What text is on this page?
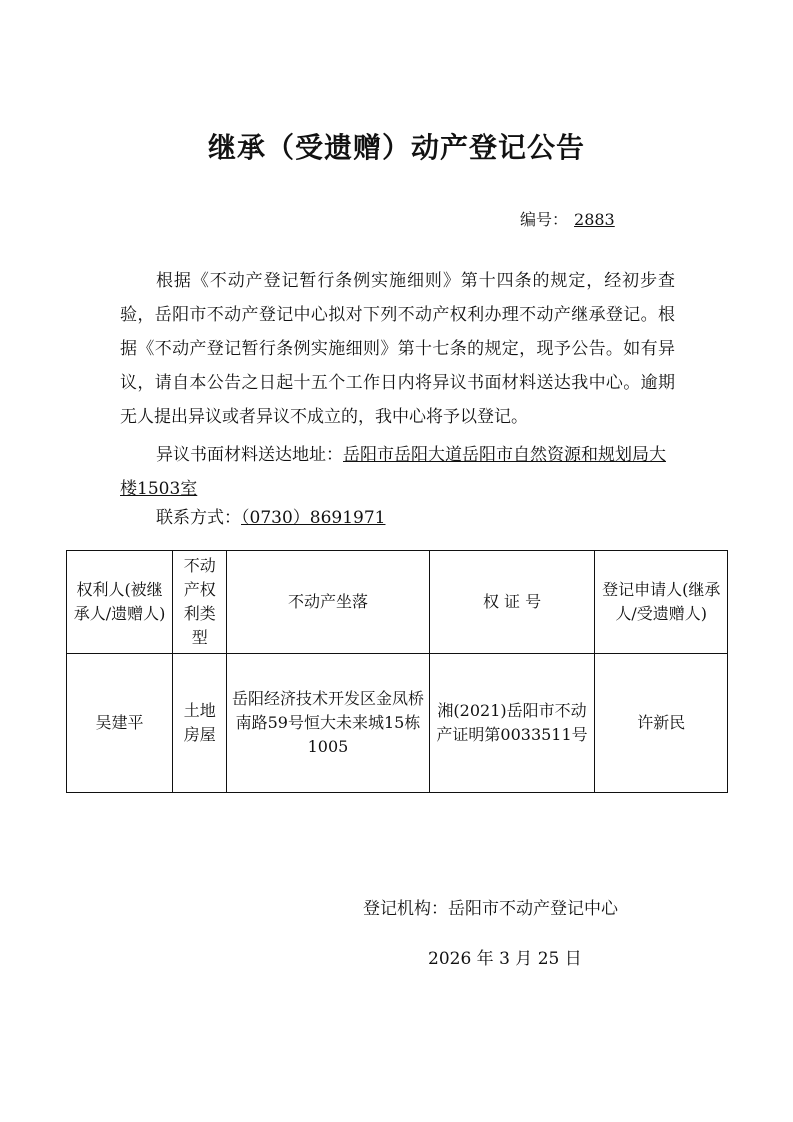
继承（受遗赠）动产登记公告
编号： 2883

根据《不动产登记暂行条例实施细则》第十四条的规定，经初步查验，岳阳市不动产登记中心拟对下列不动产权利办理不动产继承登记。根据《不动产登记暂行条例实施细则》第十七条的规定，现予公告。如有异议，请自本公告之日起十五个工作日内将异议书面材料送达我中心。逾期无人提出异议或者异议不成立的，我中心将予以登记。

异议书面材料送达地址：岳阳市岳阳大道岳阳市自然资源和规划局大楼1503室
联系方式：（0730）8691971
权利人(被继承人/遗赠人)	不动产权利类型	不动产坐落	权 证 号	登记申请人(继承人/受遗赠人)
吴建平	土地房屋	岳阳经济技术开发区金凤桥南路59号恒大未来城15栋1005	湘(2021)岳阳市不动产证明第0033511号	许新民
登记机构：岳阳市不动产登记中心
2026 年 3 月 25 日
